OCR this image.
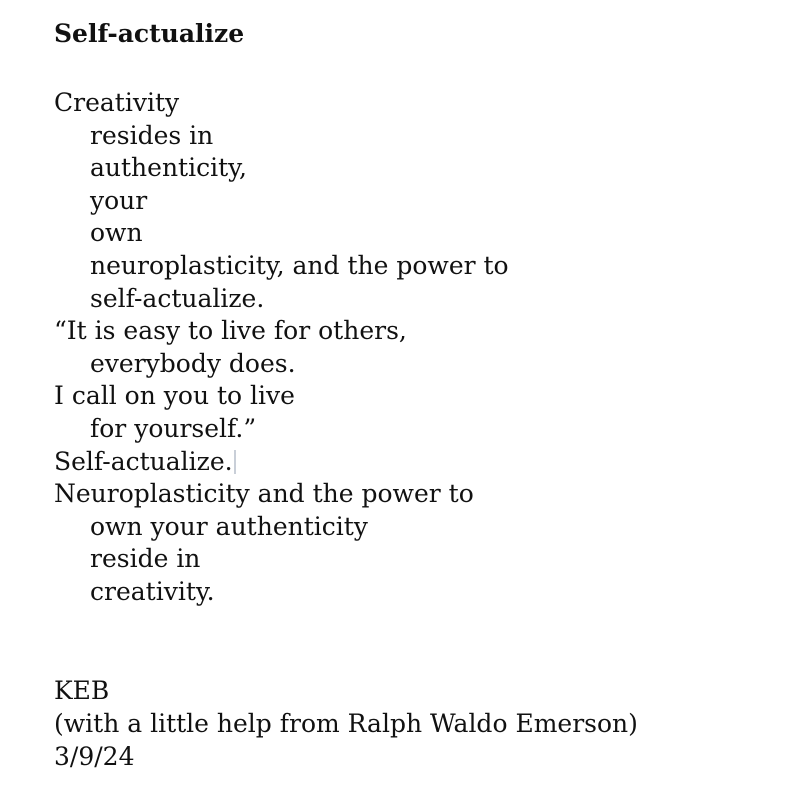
Self-actualize
Creativity
resides in
authenticity,
your
own
neuroplasticity, and the power to
self-actualize.
“It is easy to live for others,
everybody does.
I call on you to live
for yourself.”
Self-actualize.
Neuroplasticity and the power to
own your authenticity
reside in
creativity.
KEB
(with a little help from Ralph Waldo Emerson)
3/9/24
